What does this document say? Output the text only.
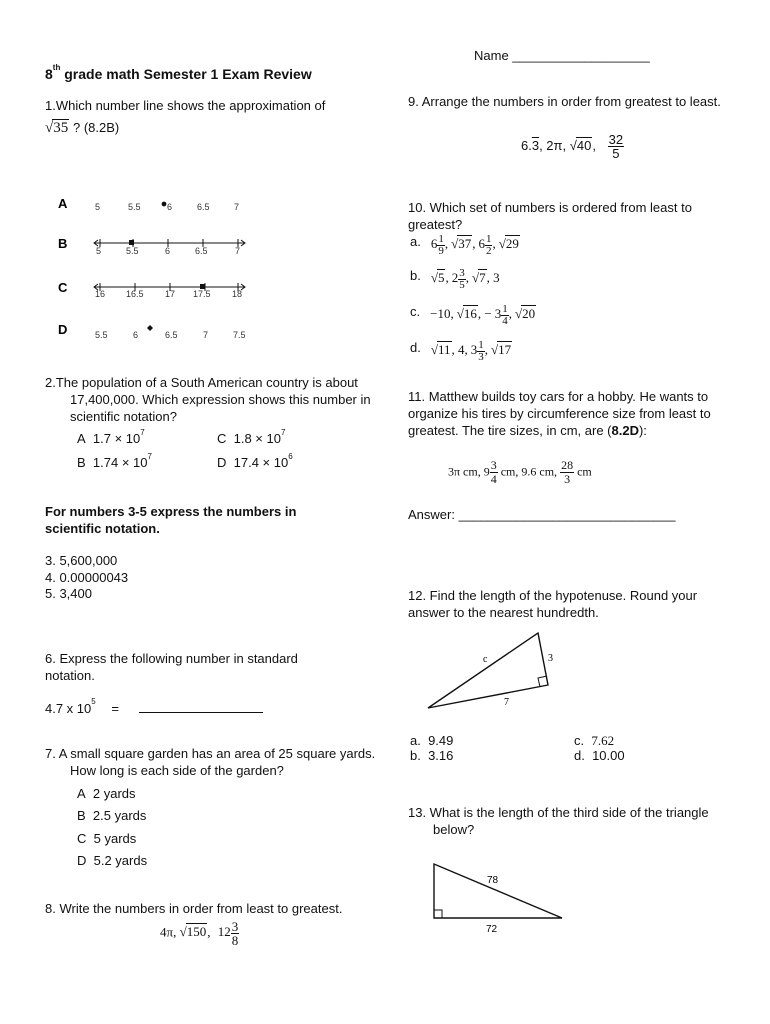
Name ___________________
8th grade math Semester 1 Exam Review
1.Which number line shows the approximation of
√35 ? (8.2B)
A	5	5.5	6	6.5	7
B	5	5.5	6	6.5	7
C	16 16.5 17 17.5 18
D	5.5	6	6.5	7	7.5
2.The population of a South American country is about 17,400,000. Which expression shows this number in scientific notation?
A $1.7 \times 10^7$	C $1.8 \times 10^7$
B $1.74 \times 10^7$	D $17.4 \times 10^6$
For numbers 3-5 express the numbers in scientific notation.
3. 5,600,000
4. 0.00000043
5. 3,400
6. Express the following number in standard notation.
4.7 x $10^5$ =
7. A small square garden has an area of 25 square yards. How long is each side of the garden?
A 2 yards
B 2.5 yards
C 5 yards
D 5.2 yards
8. Write the numbers in order from least to greatest.
4π, √150, $12 \frac{3}{8}$
9. Arrange the numbers in order from greatest to least.
6.3, 2π, √40, $\frac{32}{5}$
10. Which set of numbers is ordered from least to greatest?
a. $6 \frac{1}{9}$ , √37, $6 \frac{1}{2}$ , √29
b. √5, $2 \frac{3}{5}$ , √7, 3
c. −10, √16, − $3 \frac{1}{4}$ , √20
d. √11, 4, $3 \frac{1}{3}$ , √17
11. Matthew builds toy cars for a hobby. He wants to organize his tires by circumference size from least to greatest. The tire sizes, in cm, are (8.2D):
3π cm, $9 \frac{3}{4}$ cm, 9.6 cm, $\frac{28}{3}$ cm
Answer: ______________________________
12. Find the length of the hypotenuse. Round your answer to the nearest hundredth.
c	3
7
a. 9.49	c. 7.62
b. 3.16	d. 10.00
13. What is the length of the third side of the triangle below?
78
72
